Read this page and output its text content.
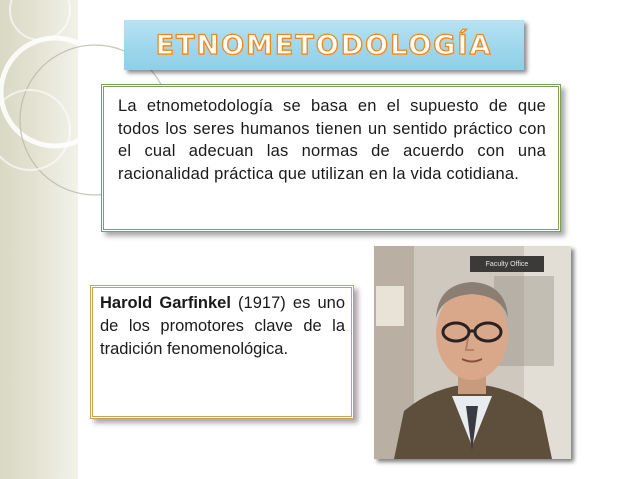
ETNOMETODOLOGÍA

La etnometodología se basa en el supuesto de que todos los seres humanos tienen un sentido práctico con el cual adecuan las normas de acuerdo con una racionalidad práctica que utilizan en la vida cotidiana.

Harold Garfinkel (1917) es uno de los promotores clave de la tradición fenomenológica.

Faculty Office
